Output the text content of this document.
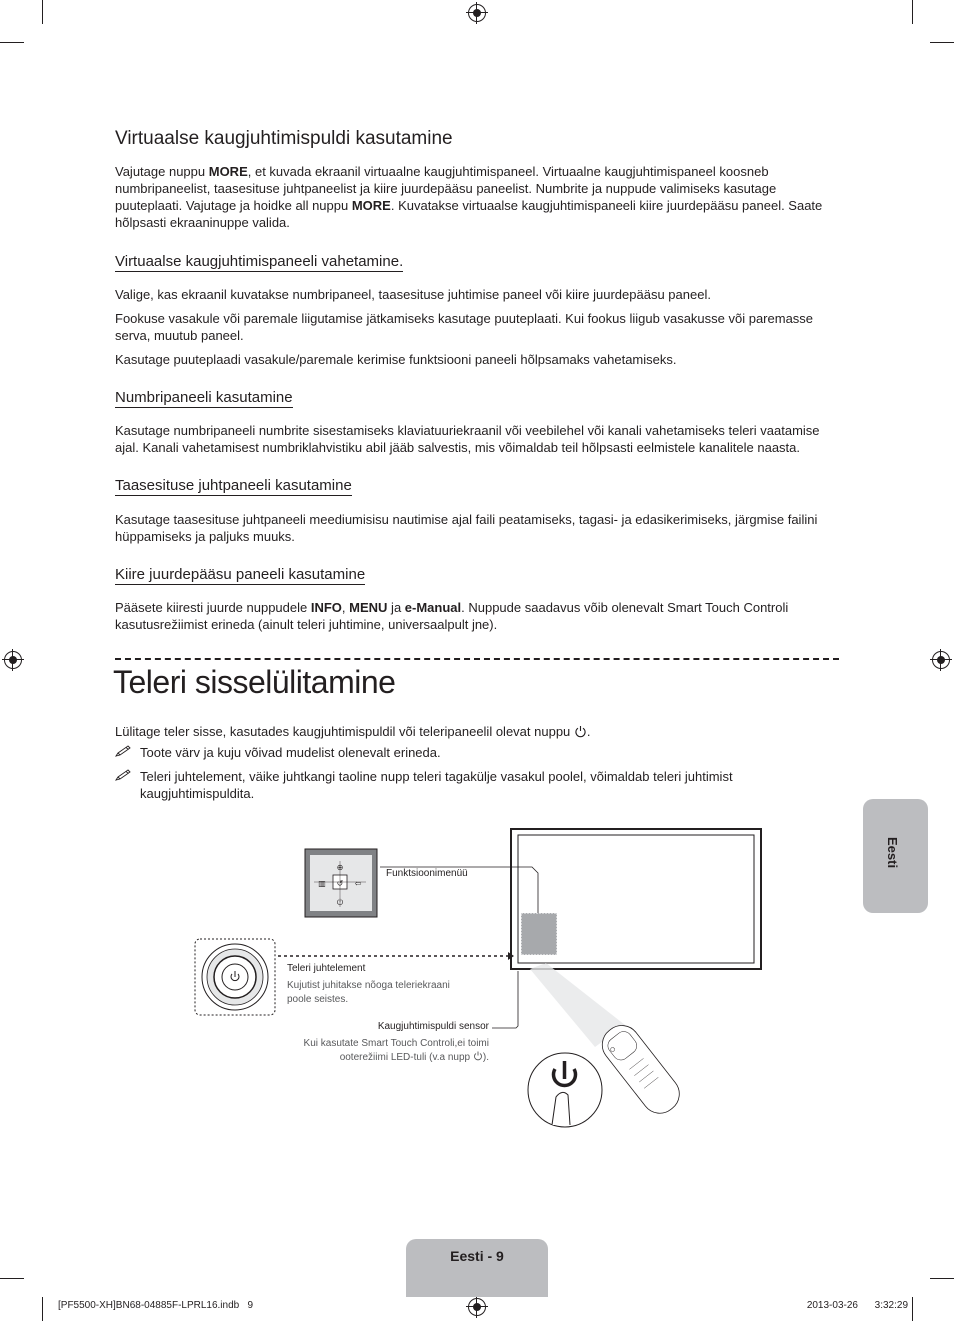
Virtuaalse kaugjuhtimispuldi kasutamine

Vajutage nuppu MORE, et kuvada ekraanil virtuaalne kaugjuhtimispaneel. Virtuaalne kaugjuhtimispaneel koosneb numbripaneelist, taasesituse juhtpaneelist ja kiire juurdepääsu paneelist. Numbrite ja nuppude valimiseks kasutage puuteplaati. Vajutage ja hoidke all nuppu MORE. Kuvatakse virtuaalse kaugjuhtimispaneeli kiire juurdepääsu paneel. Saate hõlpsasti ekraaninuppe valida.

Virtuaalse kaugjuhtimispaneeli vahetamine.

Valige, kas ekraanil kuvatakse numbripaneel, taasesituse juhtimise paneel või kiire juurdepääsu paneel.

Fookuse vasakule või paremale liigutamise jätkamiseks kasutage puuteplaati. Kui fookus liigub vasakusse või paremasse serva, muutub paneel.

Kasutage puuteplaadi vasakule/paremale kerimise funktsiooni paneeli hõlpsamaks vahetamiseks.

Numbripaneeli kasutamine

Kasutage numbripaneeli numbrite sisestamiseks klaviatuuriekraanil või veebilehel või kanali vahetamiseks teleri vaatamise ajal. Kanali vahetamisest numbriklahvistiku abil jääb salvestis, mis võimaldab teil hõlpsasti eelmistele kanalitele naasta.

Taasesituse juhtpaneeli kasutamine

Kasutage taasesituse juhtpaneeli meediumisisu nautimise ajal faili peatamiseks, tagasi- ja edasikerimiseks, järgmise failini hüppamiseks ja paljuks muuks.

Kiire juurdepääsu paneeli kasutamine

Pääsete kiiresti juurde nuppudele INFO, MENU ja e-Manual. Nuppude saadavus võib olenevalt Smart Touch Controli kasutusrežiimist erineda (ainult teleri juhtimine, universaalpult jne).

Teleri sisselülitamine

Lülitage teler sisse, kasutades kaugjuhtimispuldil või teleripaneelil olevat nuppu .

Toote värv ja kuju võivad mudelist olenevalt erineda.
Teleri juhtelement, väike juhtkangi taoline nupp teleri tagakülje vasakul poolel, võimaldab teleri juhtimist kaugjuhtimispuldita.
⊕
▥ ↺ ⇦
⏻
Funktsioonimenüü
Teleri juhtelement
Kujutist juhitakse nõoga teleriekraani
poole seistes.
Kaugjuhtimispuldi sensor
Kui kasutate Smart Touch Controli,ei toimi
ooterežiimi LED-tuli (v.a nupp ).
Eesti
Eesti - 9
[PF5500-XH]BN68-04885F-LPRL16.indb   9	2013-03-26      3:32:29
